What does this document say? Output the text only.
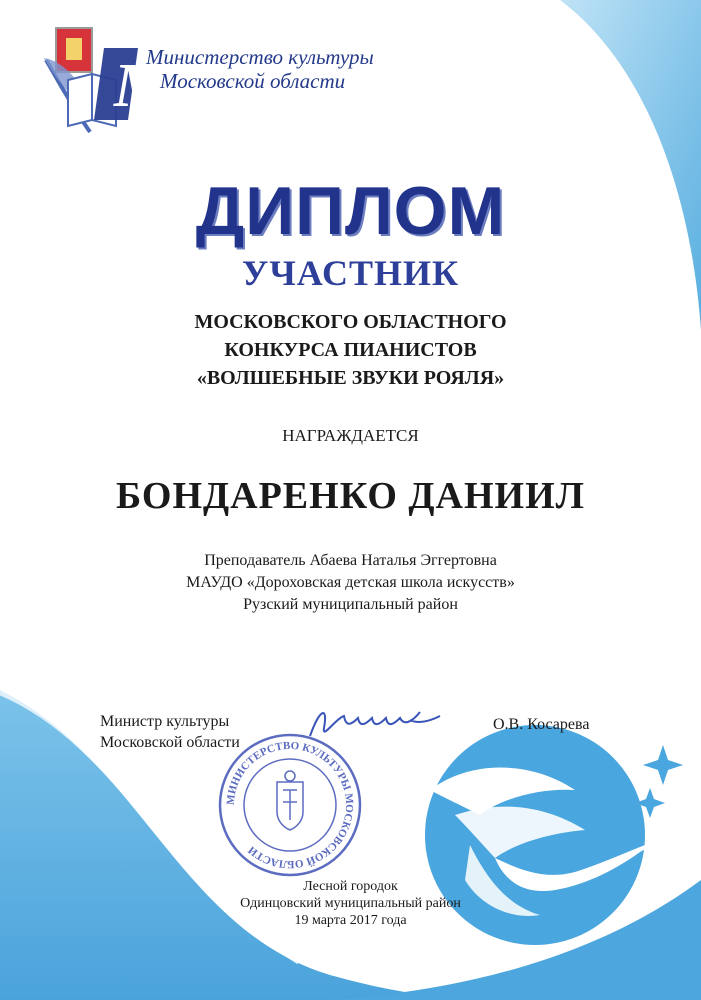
М
Министерство культуры
Московской области
ДИПЛОМ
УЧАСТНИК
МОСКОВСКОГО ОБЛАСТНОГО
КОНКУРСА ПИАНИСТОВ
«ВОЛШЕБНЫЕ ЗВУКИ РОЯЛЯ»
НАГРАЖДАЕТСЯ
БОНДАРЕНКО ДАНИИЛ
Преподаватель Абаева Наталья Эггертовна
МАУДО «Дороховская детская школа искусств»
Рузский муниципальный район
Министр культуры
Московской области
О.В. Косарева
МИНИСТЕРСТВО КУЛЬТУРЫ МОСКОВСКОЙ ОБЛАСТИ
Лесной городок
Одинцовский муниципальный район
19 марта 2017 года
